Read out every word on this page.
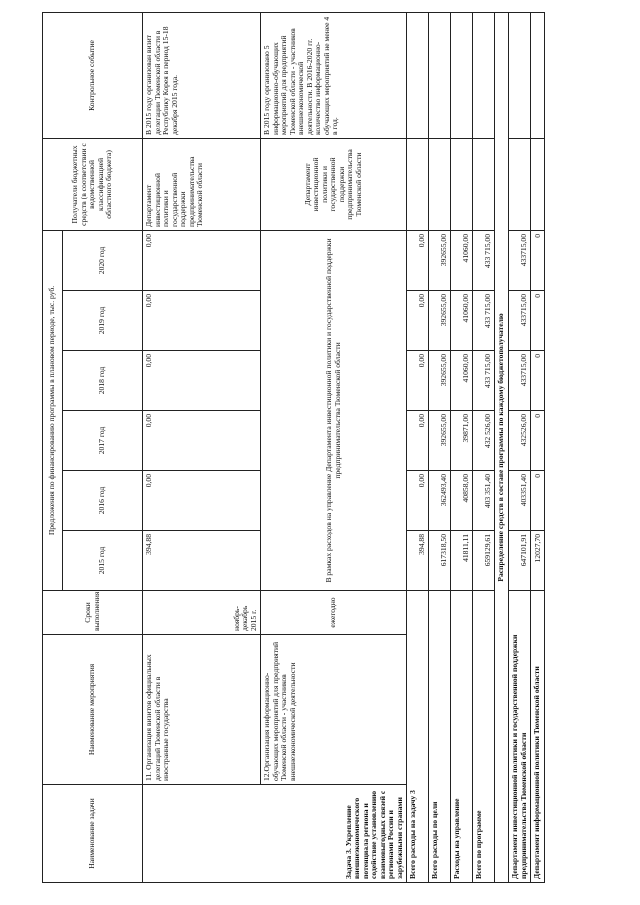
Наименование задачи	Наименование мероприятия	Сроки выполнения	Предложения по финансированию программы в плановом периоде, тыс. руб.						Получатели бюджетных средств (в соответствии с ведомственной классификацией областного бюджета)	Контрольное событие
			2015 год	2016 год	2017 год	2018 год	2019 год	2020 год		
Задача 3. Укрепление внешнеэкономического потенциала региона и содействие установлению взаимовыгодных связей с регионами России и зарубежными странами	11. Организация визитов официальных делегаций Тюменской области в иностранные государства	ноябрь-декабрь 2015 г.	394,88	0,00	0,00	0,00	0,00	0,00	Департамент инвестиционной политики и государственной поддержки предпринимательства Тюменской области	В 2015 году организован визит делегации Тюменской области в Республику Корея в период 15-18 декабря 2015 года.
	12.Организация информационно-обучающих мероприятий для предприятий Тюменской области - участников внешнеэкономической деятельности	ежегодно	В рамках расходов на управление Департамента инвестиционной политики и государственной поддержки предпринимательства Тюменской области						Департамент инвестиционной политики и государственной поддержки предпринимательства Тюменской области	В 2015 году организовано 5 информационно-обучающих мероприятий для предприятий Тюменской области - участников внешнеэкономической деятельности. В 2016-2020 гг. количество информационно-обучающих мероприятий не менее 4 в год.
Всего расходы на задачу 3			394,88	0,00	0,00	0,00	0,00	0,00		
Всего расходы по цели			617318,50	362493,40	392655,00	392655,00	392655,00	392655,00		
Расходы на управление			41811,11	40858,00	39871,00	41060,00	41060,00	41060,00		
Всего по программе			659129,61	403 351,40	432 526,00	433 715,00	433 715,00	433 715,00		
Распределение средств в составе программы по каждому бюджетополучателю										
Департамент инвестиционной политики и государственной поддержки предпринимательства Тюменской области			647101,91	403351,40	432526,00	433715,00	433715,00	433715,00		
Департамент информационной политики Тюменской области			12027,70	0	0	0	0	0		
